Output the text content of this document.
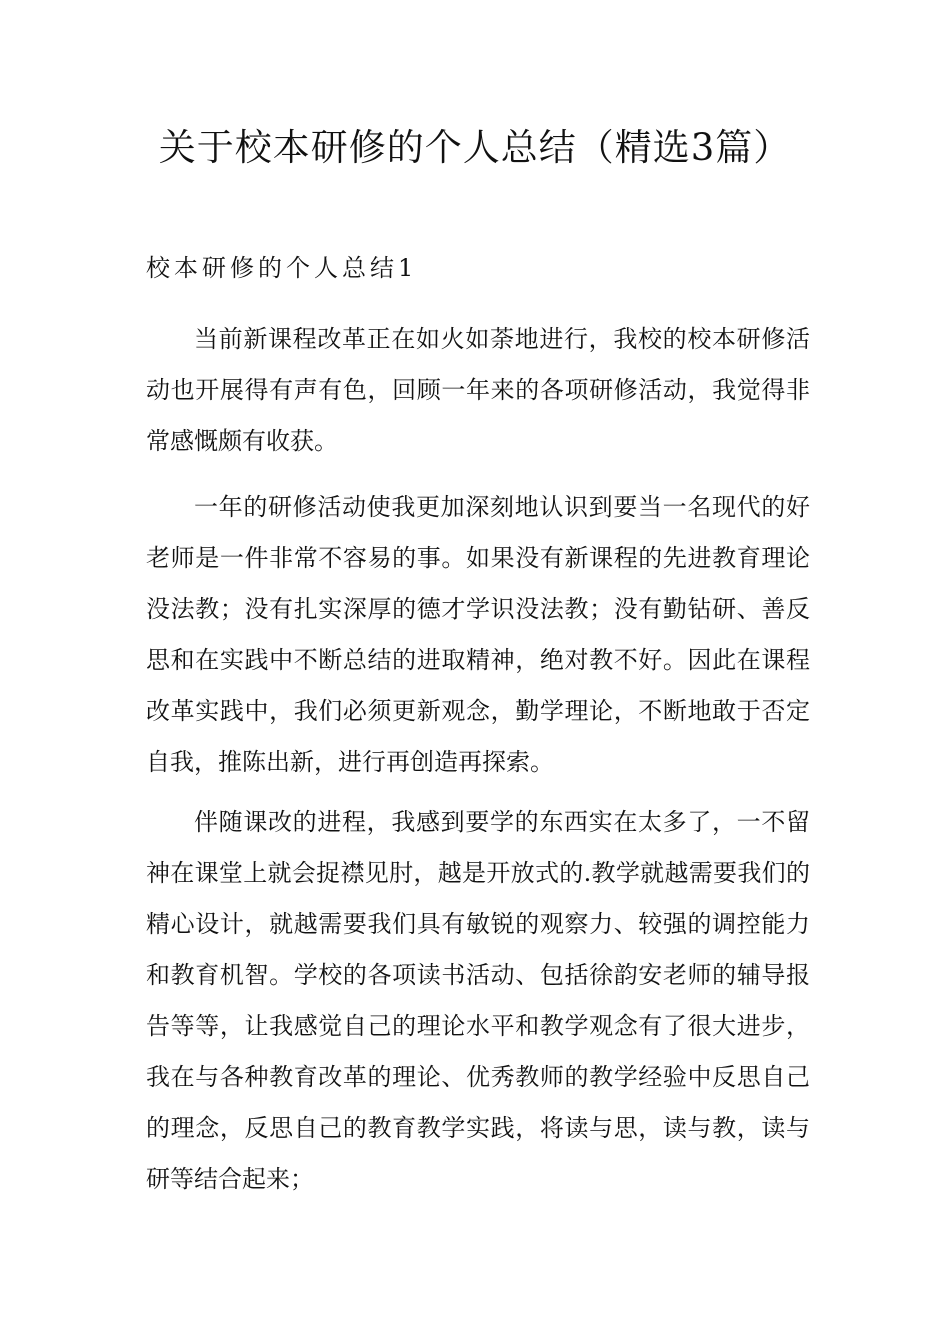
关于校本研修的个人总结（精选3篇）
校本研修的个人总结1

当前新课程改革正在如火如荼地进行，我校的校本研修活动也开展得有声有色，回顾一年来的各项研修活动，我觉得非常感慨颇有收获。

一年的研修活动使我更加深刻地认识到要当一名现代的好老师是一件非常不容易的事。如果没有新课程的先进教育理论没法教；没有扎实深厚的德才学识没法教；没有勤钻研、善反思和在实践中不断总结的进取精神，绝对教不好。因此在课程改革实践中，我们必须更新观念，勤学理论，不断地敢于否定自我，推陈出新，进行再创造再探索。

伴随课改的进程，我感到要学的东西实在太多了，一不留神在课堂上就会捉襟见肘，越是开放式的.教学就越需要我们的精心设计，就越需要我们具有敏锐的观察力、较强的调控能力和教育机智。学校的各项读书活动、包括徐韵安老师的辅导报告等等，让我感觉自己的理论水平和教学观念有了很大进步，我在与各种教育改革的理论、优秀教师的教学经验中反思自己的理念，反思自己的教育教学实践，将读与思，读与教，读与研等结合起来；
